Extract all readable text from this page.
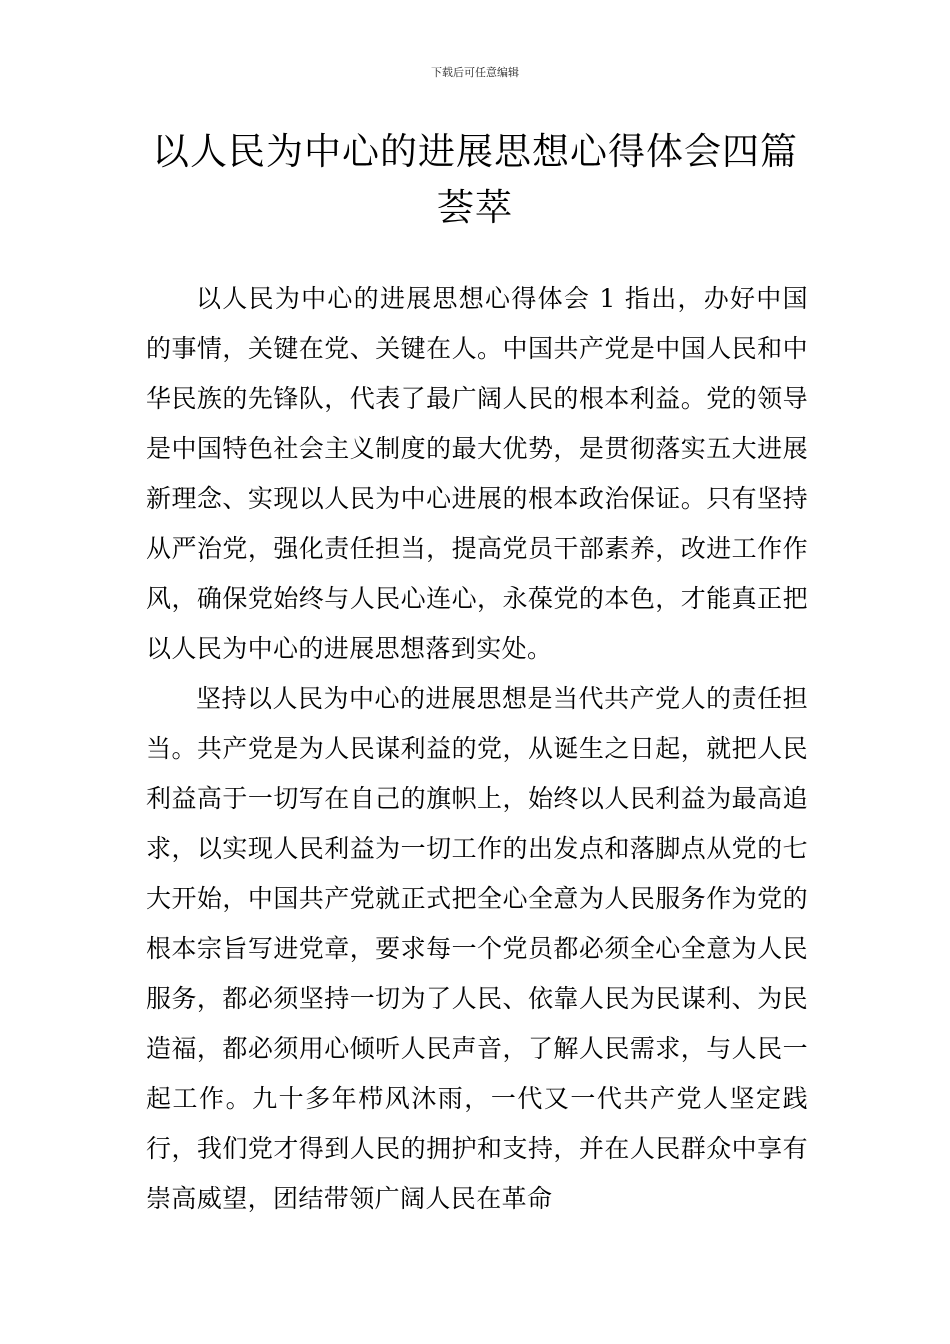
下载后可任意编辑
以人民为中心的进展思想心得体会四篇荟萃

以人民为中心的进展思想心得体会 1 指出，办好中国的事情，关键在党、关键在人。中国共产党是中国人民和中华民族的先锋队，代表了最广阔人民的根本利益。党的领导是中国特色社会主义制度的最大优势，是贯彻落实五大进展新理念、实现以人民为中心进展的根本政治保证。只有坚持从严治党，强化责任担当，提高党员干部素养，改进工作作风，确保党始终与人民心连心，永葆党的本色，才能真正把以人民为中心的进展思想落到实处。

坚持以人民为中心的进展思想是当代共产党人的责任担当。共产党是为人民谋利益的党，从诞生之日起，就把人民利益高于一切写在自己的旗帜上，始终以人民利益为最高追求，以实现人民利益为一切工作的出发点和落脚点从党的七大开始，中国共产党就正式把全心全意为人民服务作为党的根本宗旨写进党章，要求每一个党员都必须全心全意为人民服务，都必须坚持一切为了人民、依靠人民为民谋利、为民造福，都必须用心倾听人民声音，了解人民需求，与人民一起工作。九十多年栉风沐雨，一代又一代共产党人坚定践行，我们党才得到人民的拥护和支持，并在人民群众中享有崇高威望，团结带领广阔人民在革命
